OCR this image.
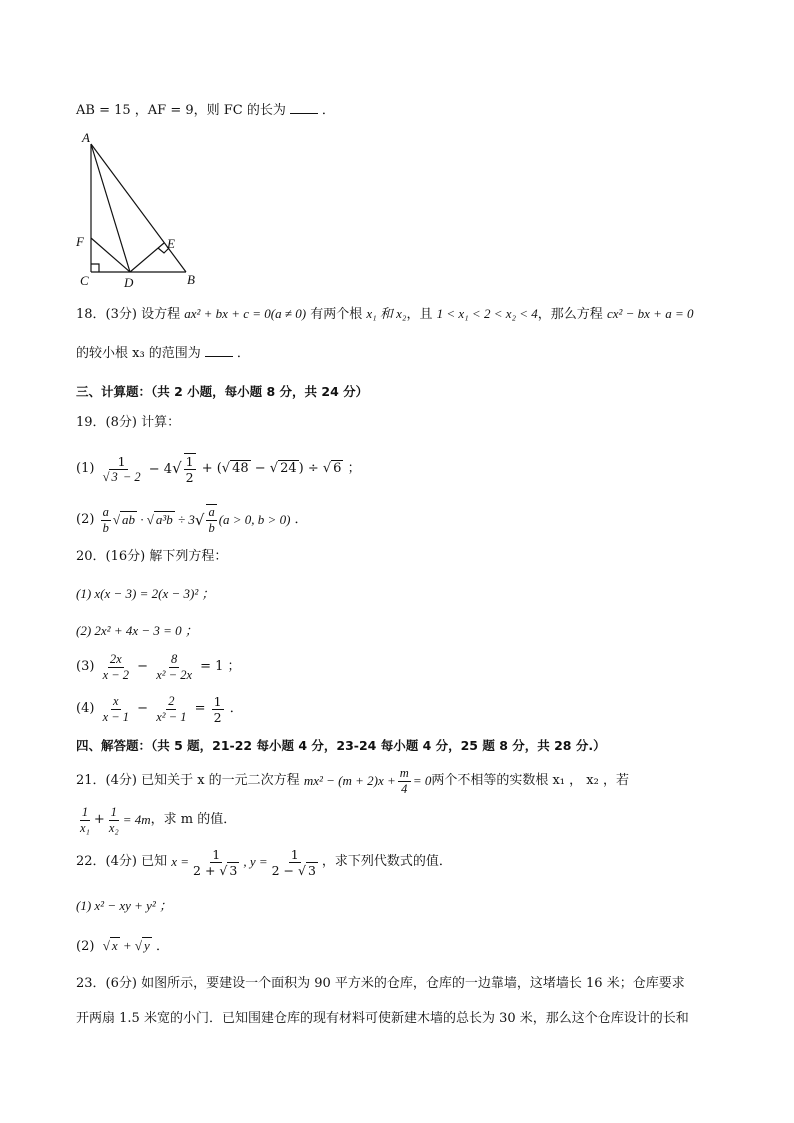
AB = 15 ，AF = 9，则 FC 的长为	．
A
F
C	D
E
B
18．(3分) 设方程 ax² + bx + c = 0(a ≠ 0) 有两个根 x₁ 和 x₂，且 1 < x₁ < 2 < x₂ < 4，那么方程 cx² − bx + a = 0
的较小根 x₃ 的范围为	．
三、计算题：（共 2 小题，每小题 8 分，共 24 分）
19．(8分) 计算：
(1)
$\frac{1}{√ 3 - 2} - 4√ \frac{1}{2}$ + (√ 48 − √ 24 ) ÷ √ 6 ；
(2)
$\frac{a}{b}$ √ ab · √ a³b ÷ 3 √ $\frac{a}{b} (a > 0$, b > 0) ．
20．(16分) 解下列方程：
(1) x(x − 3) = 2(x − 3)² ；
(2) 2x² + 4x − 3 = 0 ；
(3)
$\frac{2x}{x - 2} - \frac{8}{\text{x² − 2x}} = 1$ ；
(4)
$\frac{x}{x - 1} - \frac{2}{\text{x² − 1}} = \frac{1}{2}$ ．
四、解答题：（共 5 题，21-22 每小题 4 分，23-24 每小题 4 分，25 题 8 分，共 28 分.）
21．(4分) 已知关于 x 的一元二次方程
$mx^2 - (m + 2)x + \frac{m}{4} = 0$ 两个不相等的实数根 x₁ ， x₂ ，若
$\frac{1}{\text{x₁}} + \frac{1}{\text{x₂}} = 4m$ ，求 m 的值．
22．(4分) 已知
$x = \frac{1}{2 + √ 3}$ , $y = \frac{1}{2 - √ 3}$ ，求下列代数式的值．
(1) x² − xy + y² ；
(2) √ x + √ y ．
23．(6分) 如图所示，要建设一个面积为 90 平方米的仓库，仓库的一边靠墙，这堵墙长 16 米；仓库要求
开两扇 1.5 米宽的小门．已知围建仓库的现有材料可使新建木墙的总长为 30 米，那么这个仓库设计的长和
